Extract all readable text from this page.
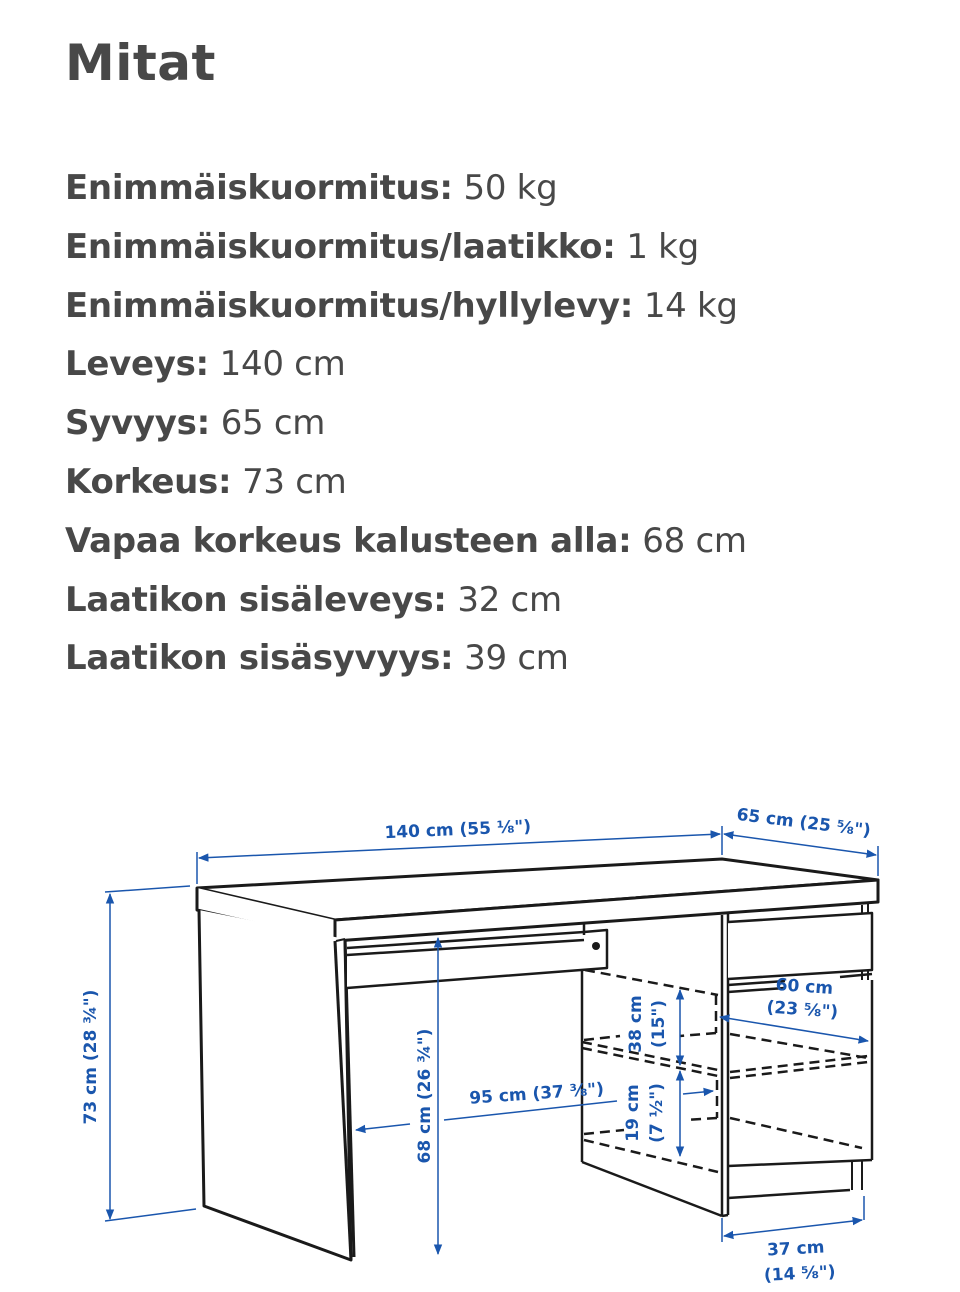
Mitat
Enimmäiskuormitus: 50 kg
Enimmäiskuormitus/laatikko: 1 kg
Enimmäiskuormitus/hyllylevy: 14 kg
Leveys: 140 cm
Syvyys: 65 cm
Korkeus: 73 cm
Vapaa korkeus kalusteen alla: 68 cm
Laatikon sisäleveys: 32 cm
Laatikon sisäsyvyys: 39 cm
140 cm (55 ⅛")	65 cm (25 ⅝")
73 cm (28 ¾")	68 cm (26 ¾") 95 cm (37 ⅜")
38 cm (15")
19 cm (7 ½")
60 cm
(23 ⅝")
37 cm
(14 ⅝")
